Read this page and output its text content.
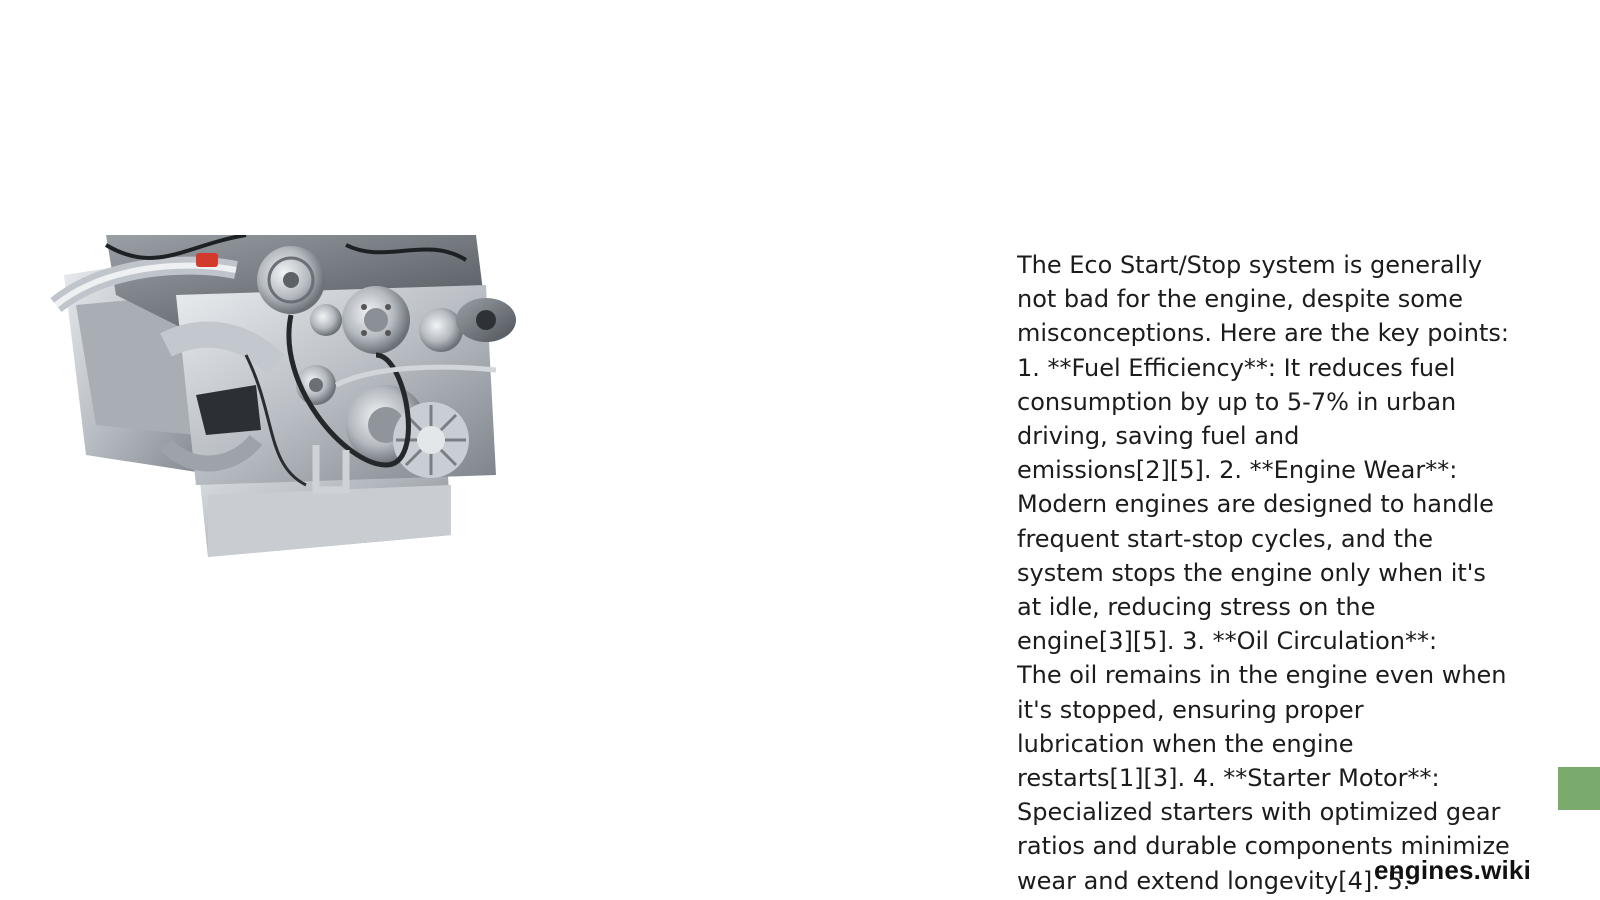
The Eco Start/Stop system is generally
not bad for the engine, despite some
misconceptions. Here are the key points:
1. **Fuel Efficiency**: It reduces fuel
consumption by up to 5-7% in urban
driving, saving fuel and
emissions[2][5]. 2. **Engine Wear**:
Modern engines are designed to handle
frequent start-stop cycles, and the
system stops the engine only when it's
at idle, reducing stress on the
engine[3][5]. 3. **Oil Circulation**:
The oil remains in the engine even when
it's stopped, ensuring proper
lubrication when the engine
restarts[1][3]. 4. **Starter Motor**:
Specialized starters with optimized gear
ratios and durable components minimize
wear and extend longevity[4]. 5.
engines.wiki
